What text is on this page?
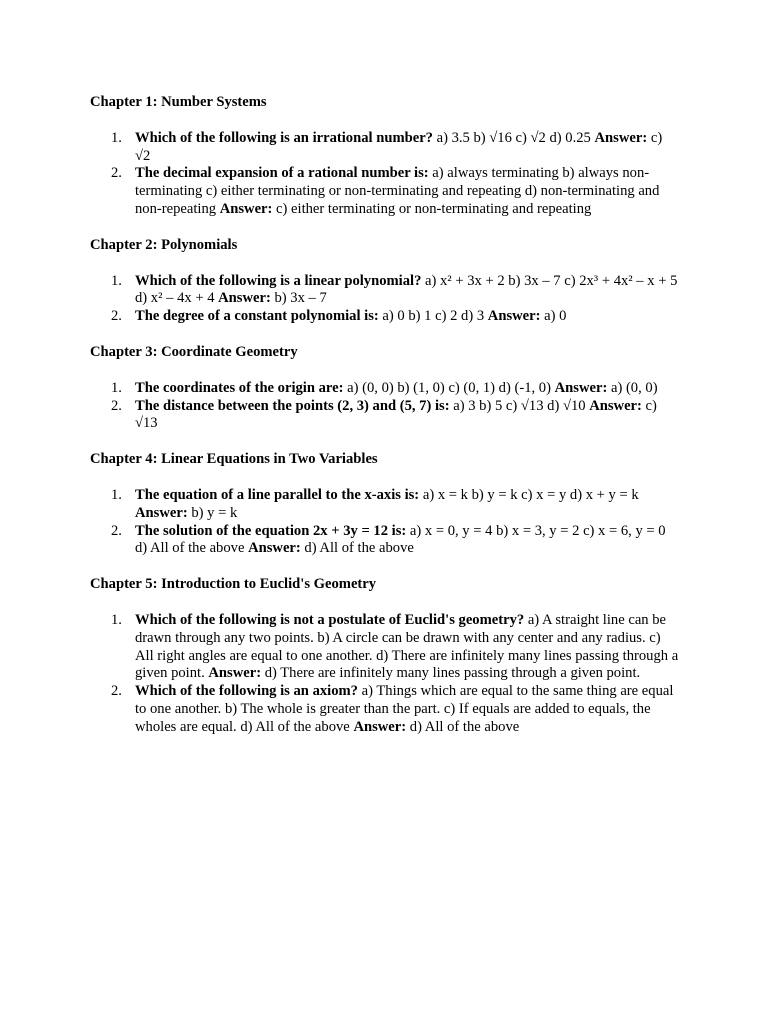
Chapter 1: Number Systems
1. Which of the following is an irrational number? a) 3.5 b) √16 c) √2 d) 0.25 Answer: c) √2
2. The decimal expansion of a rational number is: a) always terminating b) always non-terminating c) either terminating or non-terminating and repeating d) non-terminating and non-repeating Answer: c) either terminating or non-terminating and repeating
Chapter 2: Polynomials
1. Which of the following is a linear polynomial? a) x² + 3x + 2 b) 3x – 7 c) 2x³ + 4x² – x + 5 d) x² – 4x + 4 Answer: b) 3x – 7
2. The degree of a constant polynomial is: a) 0 b) 1 c) 2 d) 3 Answer: a) 0
Chapter 3: Coordinate Geometry
1. The coordinates of the origin are: a) (0, 0) b) (1, 0) c) (0, 1) d) (-1, 0) Answer: a) (0, 0)
2. The distance between the points (2, 3) and (5, 7) is: a) 3 b) 5 c) √13 d) √10 Answer: c) √13
Chapter 4: Linear Equations in Two Variables
1. The equation of a line parallel to the x-axis is: a) x = k b) y = k c) x = y d) x + y = k Answer: b) y = k
2. The solution of the equation 2x + 3y = 12 is: a) x = 0, y = 4 b) x = 3, y = 2 c) x = 6, y = 0 d) All of the above Answer: d) All of the above
Chapter 5: Introduction to Euclid's Geometry
1. Which of the following is not a postulate of Euclid's geometry? a) A straight line can be drawn through any two points. b) A circle can be drawn with any center and any radius. c) All right angles are equal to one another. d) There are infinitely many lines passing through a given point. Answer: d) There are infinitely many lines passing through a given point.
2. Which of the following is an axiom? a) Things which are equal to the same thing are equal to one another. b) The whole is greater than the part. c) If equals are added to equals, the wholes are equal. d) All of the above Answer: d) All of the above
